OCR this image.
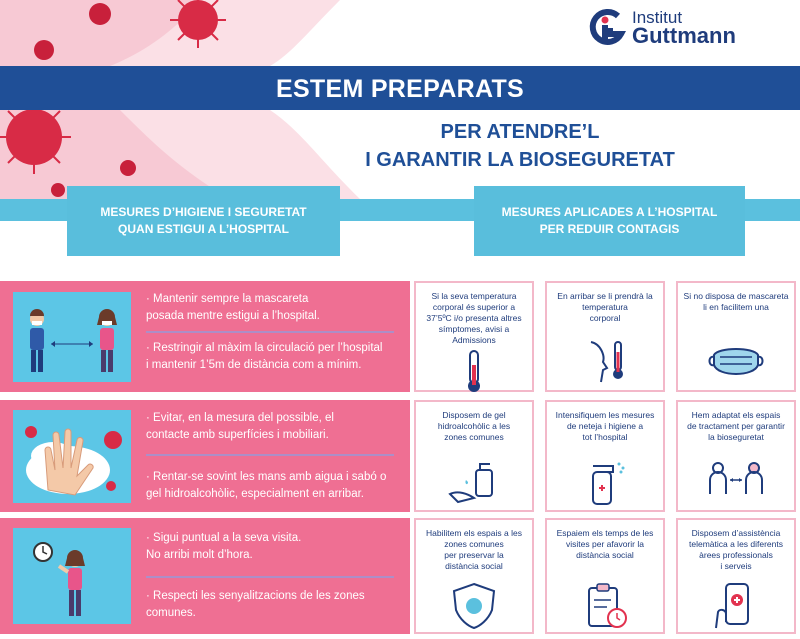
Institut
Guttmann
ESTEM PREPARATS
PER ATENDRE’L
I GARANTIR LA BIOSEGURETAT
MESURES D’HIGIENE I SEGURETAT
QUAN ESTIGUI A L’HOSPITAL
MESURES APLICADES A L’HOSPITAL
PER REDUIR CONTAGIS
· Mantenir sempre la mascareta
posada mentre estigui a l’hospital.
· Restringir al màxim la circulació per l’hospital
i mantenir 1’5m de distància com a mínim.
· Evitar, en la mesura del possible, el
contacte amb superfícies i mobiliari.
· Rentar-se sovint les mans amb aigua i sabó o
gel hidroalcohòlic, especialment en arribar.
· Sigui puntual a la seva visita.
No arribi molt d’hora.
· Respecti les senyalitzacions de les zones
comunes.

Si la seva temperatura
corporal és superior a
37’5ºC i/o presenta altres
símptomes, avisi a
Admissions

En arribar se li prendrà la
temperatura
corporal

Si no disposa de mascareta
li en facilitem una

Disposem de gel
hidroalcohòlic a les
zones comunes

Intensifiquem les mesures
de neteja i higiene a
tot l’hospital

Hem adaptat els espais
de tractament per garantir
la bioseguretat

Habilitem els espais a les
zones comunes
per preservar la
distància social

Espaiem els temps de les
visites per afavorir la
distància social

Disposem d’assistència
telemàtica a les diferents
àrees professionals
i serveis
